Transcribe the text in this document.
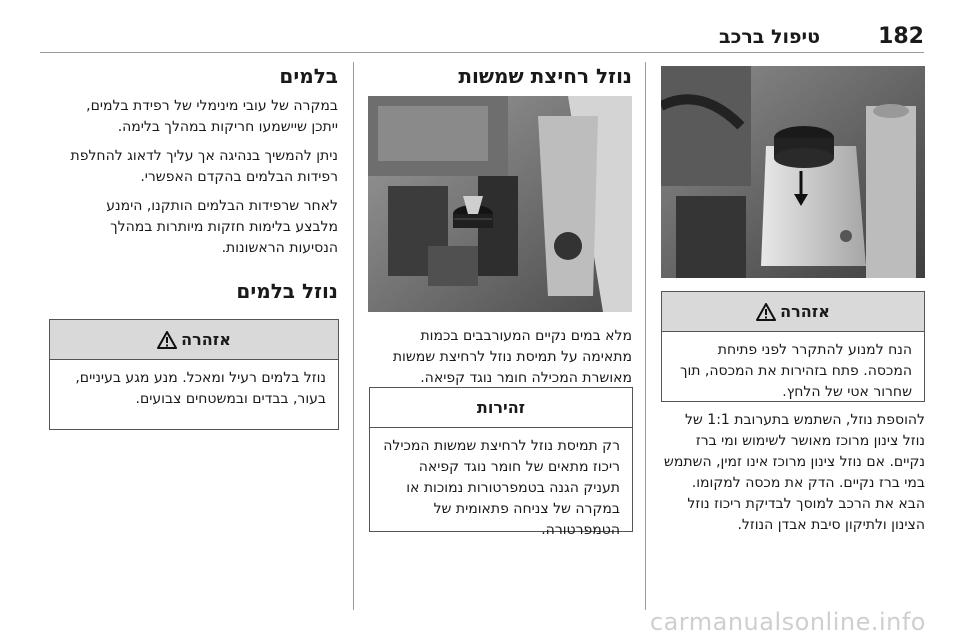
טיפול ברכב	182
בלמים

במקרה של עובי מינימלי של רפידת בלמים, ייתכן שיישמעו חריקות במהלך בלימה.

ניתן להמשיך בנהיגה אך עליך לדאוג להחלפת רפידות הבלמים בהקדם האפשרי.

לאחר שרפידות הבלמים הותקנו, הימנע מלבצע בלימות חזקות מיותרות במהלך הנסיעות הראשונות.

נוזל בלמים
אזהרה
נוזל בלמים רעיל ומאכל. מנע מגע בעיניים, בעור, בבדים ובמשטחים צבועים.
נוזל רחיצת שמשות

מלא במים נקיים המעורבבים בכמות מתאימה על תמיסת נוזל לרחיצת שמשות מאושרת המכילה חומר נוגד קפיאה.

זהירות
רק תמיסת נוזל לרחיצת שמשות המכילה ריכוז מתאים של חומר נוגד קפיאה תעניק הגנה בטמפרטורות נמוכות או במקרה של צניחה פתאומית של הטמפרטורה.
אזהרה
הנח למנוע להתקרר לפני פתיחת המכסה. פתח בזהירות את המכסה, תוך שחרור אטי של הלחץ.

להוספת נוזל, השתמש בתערובת 1:1 של נוזל צינון מרוכז מאושר לשימוש ומי ברז נקיים. אם נוזל צינון מרוכז אינו זמין, השתמש במי ברז נקיים. הדק את מכסה למקומו. הבא את הרכב למוסך לבדיקת ריכוז נוזל הצינון ולתיקון סיבת אבדן הנוזל.

carmanualsonline.info
